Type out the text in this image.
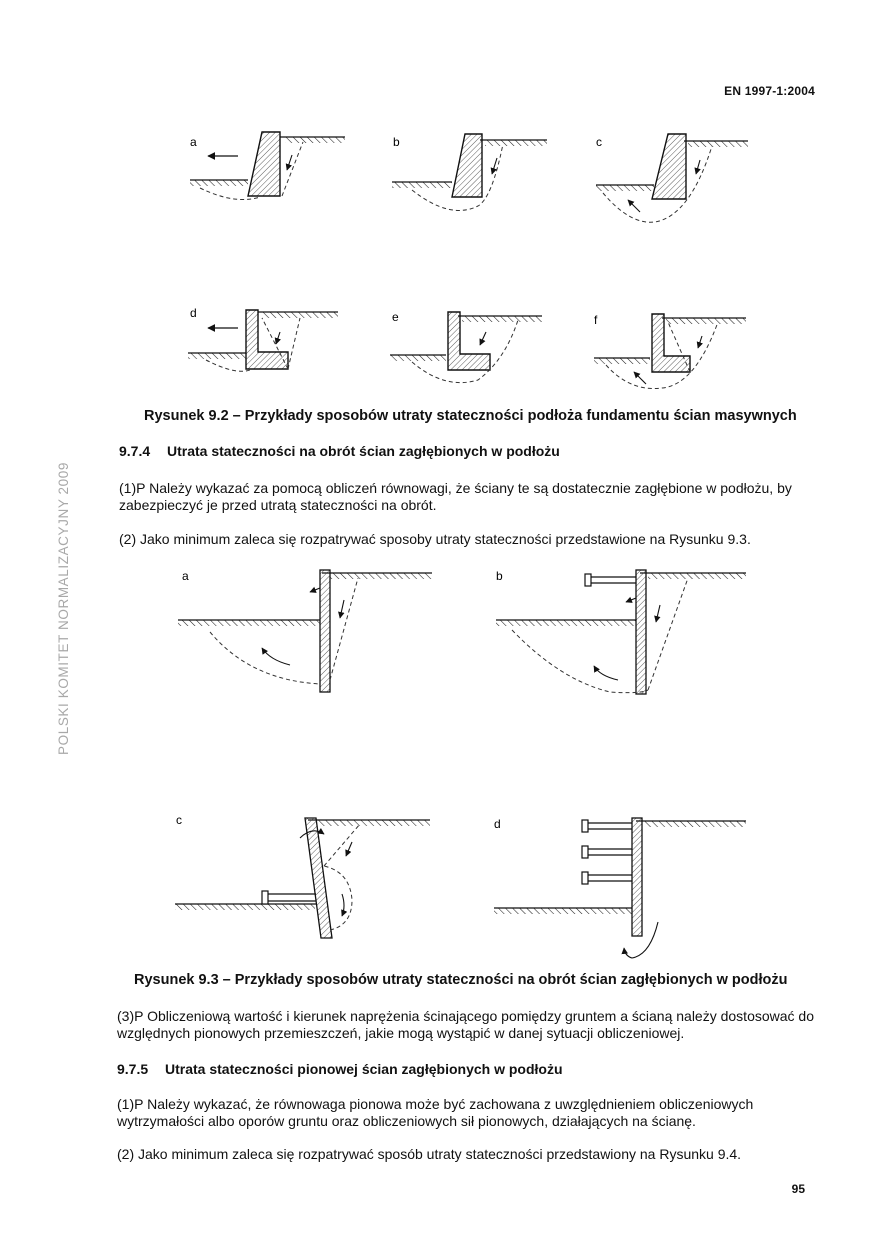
EN 1997-1:2004
POLSKI KOMITET NORMALIZACYJNY 2009
a	b	c
d	e	f
Rysunek 9.2 – Przykłady sposobów utraty stateczności podłoża fundamentu ścian masywnych
9.7.4 Utrata stateczności na obrót ścian zagłębionych w podłożu
(1)P Należy wykazać za pomocą obliczeń równowagi, że ściany te są dostatecznie zagłębione w podłożu, by zabezpieczyć je przed utratą stateczności na obrót.
(2) Jako minimum zaleca się rozpatrywać sposoby utraty stateczności przedstawione na Rysunku 9.3.
a	b
c	d
Rysunek 9.3 – Przykłady sposobów utraty stateczności na obrót ścian zagłębionych w podłożu
(3)P Obliczeniową wartość i kierunek naprężenia ścinającego pomiędzy gruntem a ścianą należy dostosować do względnych pionowych przemieszczeń, jakie mogą wystąpić w danej sytuacji obliczeniowej.
9.7.5 Utrata stateczności pionowej ścian zagłębionych w podłożu
(1)P Należy wykazać, że równowaga pionowa może być zachowana z uwzględnieniem obliczeniowych wytrzymałości albo oporów gruntu oraz obliczeniowych sił pionowych, działających na ścianę.
(2) Jako minimum zaleca się rozpatrywać sposób utraty stateczności przedstawiony na Rysunku 9.4.
95
